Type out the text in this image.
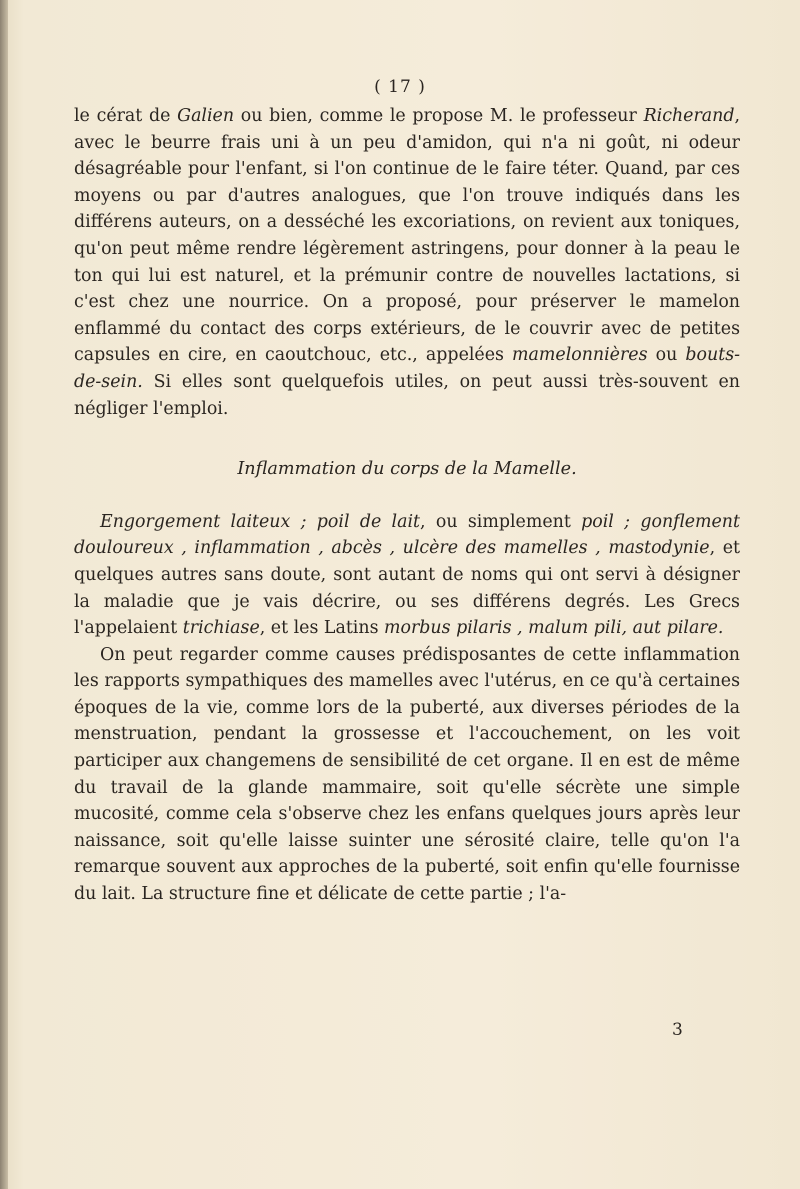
( 17 )

le cérat de Galien ou bien, comme le propose M. le professeur Richerand, avec le beurre frais uni à un peu d'amidon, qui n'a ni goût, ni odeur désagréable pour l'enfant, si l'on continue de le faire téter. Quand, par ces moyens ou par d'autres analogues, que l'on trouve indiqués dans les différens auteurs, on a desséché les excoriations, on revient aux toniques, qu'on peut même rendre légèrement astringens, pour donner à la peau le ton qui lui est naturel, et la prémunir contre de nouvelles lactations, si c'est chez une nourrice. On a proposé, pour préserver le mamelon enflammé du contact des corps extérieurs, de le couvrir avec de petites capsules en cire, en caoutchouc, etc., appelées mamelonnières ou bouts-de-sein. Si elles sont quelquefois utiles, on peut aussi très-souvent en négliger l'emploi.

Inflammation du corps de la Mamelle.

Engorgement laiteux ; poil de lait, ou simplement poil ; gonflement douloureux , inflammation , abcès , ulcère des mamelles , mastodynie, et quelques autres sans doute, sont autant de noms qui ont servi à désigner la maladie que je vais décrire, ou ses différens degrés. Les Grecs l'appelaient trichiase, et les Latins morbus pilaris , malum pili, aut pilare.

On peut regarder comme causes prédisposantes de cette inflammation les rapports sympathiques des mamelles avec l'utérus, en ce qu'à certaines époques de la vie, comme lors de la puberté, aux diverses périodes de la menstruation, pendant la grossesse et l'accouchement, on les voit participer aux changemens de sensibilité de cet organe. Il en est de même du travail de la glande mammaire, soit qu'elle sécrète une simple mucosité, comme cela s'observe chez les enfans quelques jours après leur naissance, soit qu'elle laisse suinter une sérosité claire, telle qu'on l'a remarque souvent aux approches de la puberté, soit enfin qu'elle fournisse du lait. La structure fine et délicate de cette partie ; l'a-

3
